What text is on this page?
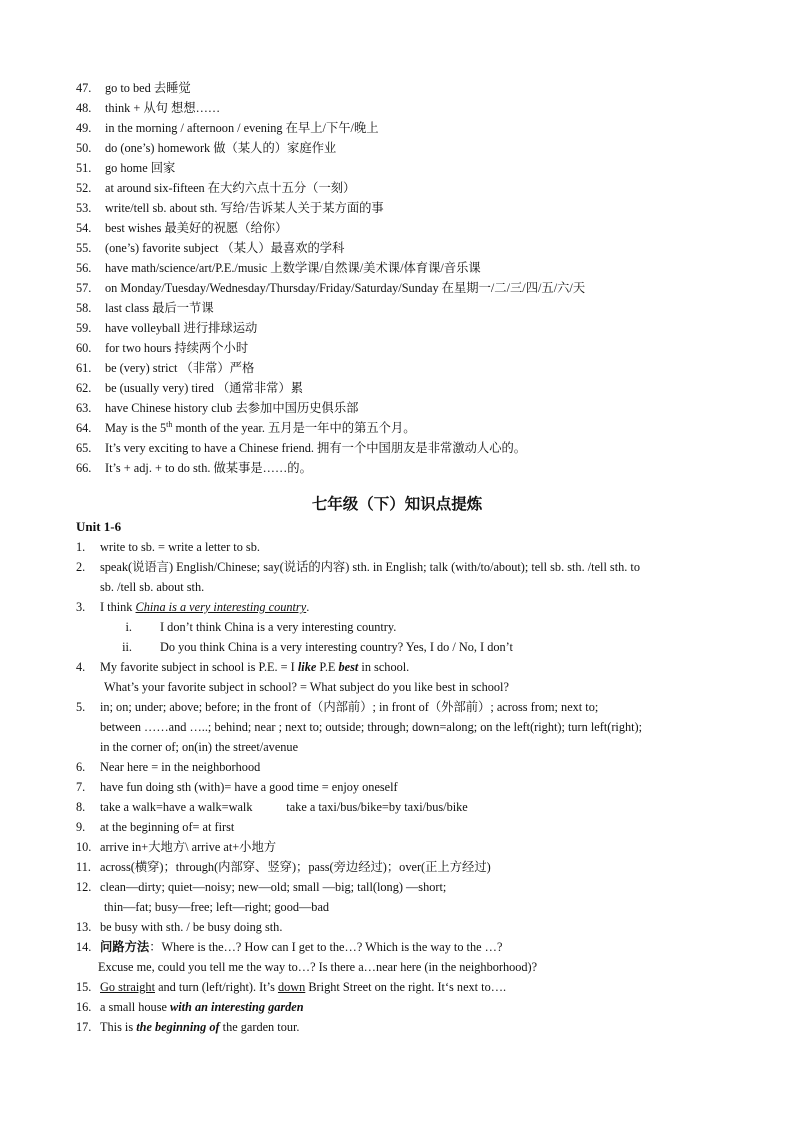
47.	go to bed 去睡觉
48.	think + 从句 想想……
49.	in the morning / afternoon / evening 在早上/下午/晚上
50.	do (one’s) homework 做（某人的）家庭作业
51.	go home 回家
52.	at around six-fifteen 在大约六点十五分（一刻）
53.	write/tell sb. about sth. 写给/告诉某人关于某方面的事
54.	best wishes 最美好的祝愿（给你）
55.	(one’s) favorite subject （某人）最喜欢的学科
56.	have math/science/art/P.E./music 上数学课/自然课/美术课/体育课/音乐课
57.	on Monday/Tuesday/Wednesday/Thursday/Friday/Saturday/Sunday 在星期一/二/三/四/五/六/天
58.	last class 最后一节课
59.	have volleyball 进行排球运动
60.	for two hours 持续两个小时
61.	be (very) strict （非常）严格
62.	be (usually very) tired （通常非常）累
63.	have Chinese history club 去参加中国历史俱乐部
64.	May is the 5th month of the year. 五月是一年中的第五个月。
65.	It’s very exciting to have a Chinese friend. 拥有一个中国朋友是非常激动人心的。
66.	It’s + adj. + to do sth. 做某事是……的。
七年级（下）知识点提炼
Unit 1-6
1.	write to sb. = write a letter to sb.
2.	speak(说语言) English/Chinese; say(说话的内容) sth. in English; talk (with/to/about); tell sb. sth. /tell sth. to
sb. /tell sb. about sth.
3.	I think China is a very interesting country.
i.	I don’t think China is a very interesting country.
ii.	Do you think China is a very interesting country? Yes, I do / No, I don’t
4.	My favorite subject in school is P.E. = I like P.E best in school.
What’s your favorite subject in school? = What subject do you like best in school?
5.	in; on; under; above; before; in the front of（内部前）; in front of（外部前）; across from; next to;
between ……and …..; behind; near ; next to; outside; through; down=along; on the left(right); turn left(right);
in the corner of; on(in) the street/avenue
6.	Near here = in the neighborhood
7.	have fun doing sth (with)= have a good time = enjoy oneself
8.	take a walk=have a walk=walk           take a taxi/bus/bike=by taxi/bus/bike
9.	at the beginning of= at first
10. arrive in+大地方\ arrive at+小地方
11. across(横穿)；through(内部穿、竖穿)；pass(旁边经过)；over(正上方经过)
12. clean—dirty; quiet—noisy; new—old; small —big; tall(long) —short;
thin—fat; busy—free; left—right; good—bad
13. be busy with sth. / be busy doing sth.
14. 问路方法：Where is the…? How can I get to the…? Which is the way to the …?
Excuse me, could you tell me the way to…? Is there a…near here (in the neighborhood)?
15. Go straight and turn (left/right). It’s down Bright Street on the right. It‘s next to….
16. a small house with an interesting garden
17. This is the beginning of the garden tour.
